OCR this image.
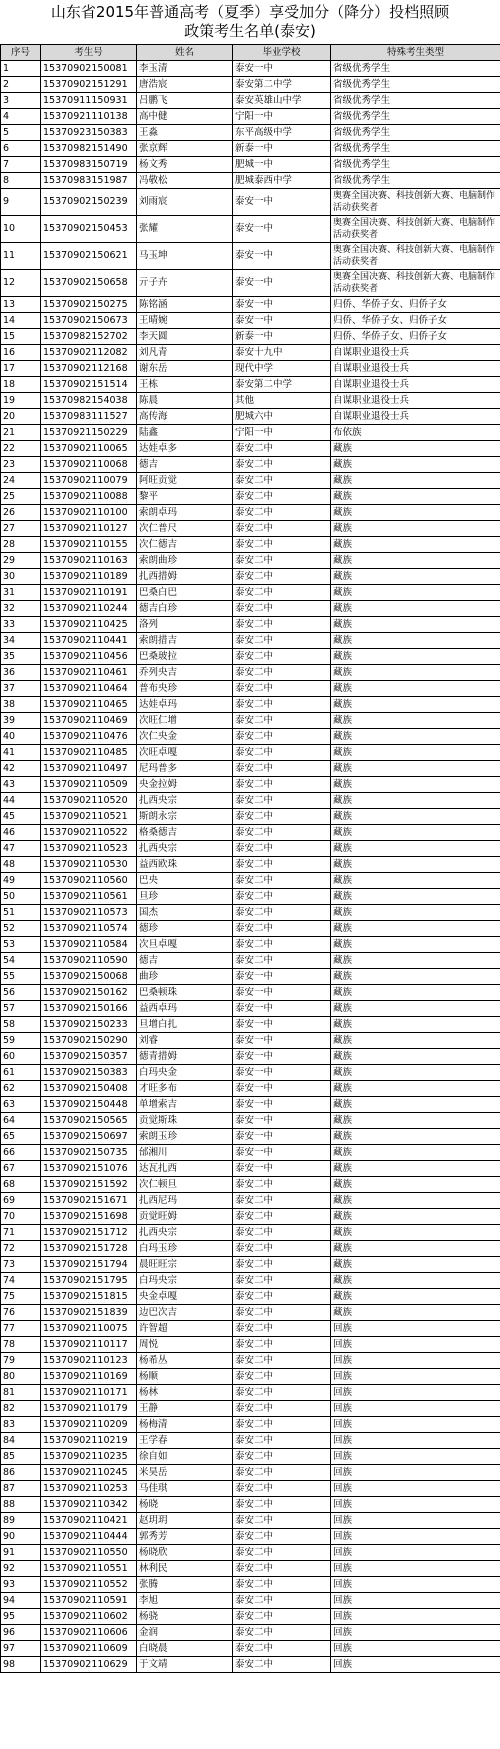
山东省2015年普通高考（夏季）享受加分（降分）投档照顾
政策考生名单(泰安)
序号	考生号	姓名	毕业学校	特殊考生类型
1	15370902150081	李玉清	泰安一中	省级优秀学生
2	15370902151291	唐浩宸	泰安第二中学	省级优秀学生
3	15370911150931	吕鹏飞	泰安英雄山中学	省级优秀学生
4	15370921110138	高中健	宁阳一中	省级优秀学生
5	15370923150383	王淼	东平高级中学	省级优秀学生
6	15370982151490	张京辉	新泰一中	省级优秀学生
7	15370983150719	杨文秀	肥城一中	省级优秀学生
8	15370983151987	冯敬松	肥城泰西中学	省级优秀学生
9	15370902150239	刘雨宸	泰安一中	奥赛全国决赛、科技创新大赛、电脑制作活动获奖者
10	15370902150453	张耀	泰安一中	奥赛全国决赛、科技创新大赛、电脑制作活动获奖者
11	15370902150621	马玉坤	泰安一中	奥赛全国决赛、科技创新大赛、电脑制作活动获奖者
12	15370902150658	亓子卉	泰安一中	奥赛全国决赛、科技创新大赛、电脑制作活动获奖者
13	15370902150275	陈铭涵	泰安一中	归侨、华侨子女、归侨子女
14	15370902150673	王晴婉	泰安一中	归侨、华侨子女、归侨子女
15	15370982152702	李天圆	新泰一中	归侨、华侨子女、归侨子女
16	15370902112082	刘凡青	泰安十九中	自谋职业退役士兵
17	15370902112168	谢东岳	现代中学	自谋职业退役士兵
18	15370902151514	王栋	泰安第二中学	自谋职业退役士兵
19	15370982154038	陈晨	其他	自谋职业退役士兵
20	15370983111527	高传海	肥城六中	自谋职业退役士兵
21	15370921150229	陆鑫	宁阳一中	布依族
22	15370902110065	达娃卓多	泰安二中	藏族
23	15370902110068	德吉	泰安二中	藏族
24	15370902110079	阿旺贡觉	泰安二中	藏族
25	15370902110088	黎平	泰安二中	藏族
26	15370902110100	索朗卓玛	泰安二中	藏族
27	15370902110127	次仁普尺	泰安二中	藏族
28	15370902110155	次仁德吉	泰安二中	藏族
29	15370902110163	索朗曲珍	泰安二中	藏族
30	15370902110189	扎西措姆	泰安二中	藏族
31	15370902110191	巴桑白巴	泰安二中	藏族
32	15370902110244	德吉白珍	泰安二中	藏族
33	15370902110425	洛列	泰安二中	藏族
34	15370902110441	索朗措吉	泰安二中	藏族
35	15370902110456	巴桑玻拉	泰安二中	藏族
36	15370902110461	乔列央吉	泰安二中	藏族
37	15370902110464	普布央珍	泰安二中	藏族
38	15370902110465	达娃卓玛	泰安二中	藏族
39	15370902110469	次旺仁增	泰安二中	藏族
40	15370902110476	次仁央金	泰安二中	藏族
41	15370902110485	次旺卓嘎	泰安二中	藏族
42	15370902110497	尼玛普多	泰安二中	藏族
43	15370902110509	央金拉姆	泰安二中	藏族
44	15370902110520	扎西央宗	泰安二中	藏族
45	15370902110521	斯朗永宗	泰安二中	藏族
46	15370902110522	格桑德吉	泰安二中	藏族
47	15370902110523	扎西央宗	泰安二中	藏族
48	15370902110530	益西欧珠	泰安二中	藏族
49	15370902110560	巴央	泰安二中	藏族
50	15370902110561	旦珍	泰安二中	藏族
51	15370902110573	国杰	泰安二中	藏族
52	15370902110574	德珍	泰安二中	藏族
53	15370902110584	次旦卓嘎	泰安二中	藏族
54	15370902110590	德吉	泰安二中	藏族
55	15370902150068	曲珍	泰安一中	藏族
56	15370902150162	巴桑顿珠	泰安一中	藏族
57	15370902150166	益西卓玛	泰安一中	藏族
58	15370902150233	旦增白扎	泰安一中	藏族
59	15370902150290	刘睿	泰安一中	藏族
60	15370902150357	德青措姆	泰安一中	藏族
61	15370902150383	白玛央金	泰安一中	藏族
62	15370902150408	才旺多布	泰安一中	藏族
63	15370902150448	单增索吉	泰安一中	藏族
64	15370902150565	贡觉斯珠	泰安一中	藏族
65	15370902150697	索朗玉珍	泰安一中	藏族
66	15370902150735	邰湘川	泰安一中	藏族
67	15370902151076	达瓦扎西	泰安一中	藏族
68	15370902151592	次仁顿旦	泰安二中	藏族
69	15370902151671	扎西尼玛	泰安二中	藏族
70	15370902151698	贡觉旺姆	泰安二中	藏族
71	15370902151712	扎西央宗	泰安二中	藏族
72	15370902151728	白玛玉珍	泰安二中	藏族
73	15370902151794	晨旺旺宗	泰安二中	藏族
74	15370902151795	白玛央宗	泰安二中	藏族
75	15370902151815	央金卓嘎	泰安二中	藏族
76	15370902151839	边巴次吉	泰安二中	藏族
77	15370902110075	许智超	泰安二中	回族
78	15370902110117	周悦	泰安二中	回族
79	15370902110123	杨希丛	泰安二中	回族
80	15370902110169	杨顺	泰安二中	回族
81	15370902110171	杨林	泰安二中	回族
82	15370902110179	王静	泰安二中	回族
83	15370902110209	杨梅清	泰安二中	回族
84	15370902110219	王学春	泰安二中	回族
85	15370902110235	徐自如	泰安二中	回族
86	15370902110245	米昊岳	泰安二中	回族
87	15370902110253	马佳琪	泰安二中	回族
88	15370902110342	杨晓	泰安二中	回族
89	15370902110421	赵玥玥	泰安二中	回族
90	15370902110444	郭秀芳	泰安二中	回族
91	15370902110550	杨晓欣	泰安二中	回族
92	15370902110551	林利民	泰安二中	回族
93	15370902110552	张腾	泰安二中	回族
94	15370902110591	李旭	泰安二中	回族
95	15370902110602	杨骁	泰安二中	回族
96	15370902110606	金润	泰安二中	回族
97	15370902110609	白晓晨	泰安二中	回族
98	15370902110629	于文靖	泰安二中	回族
